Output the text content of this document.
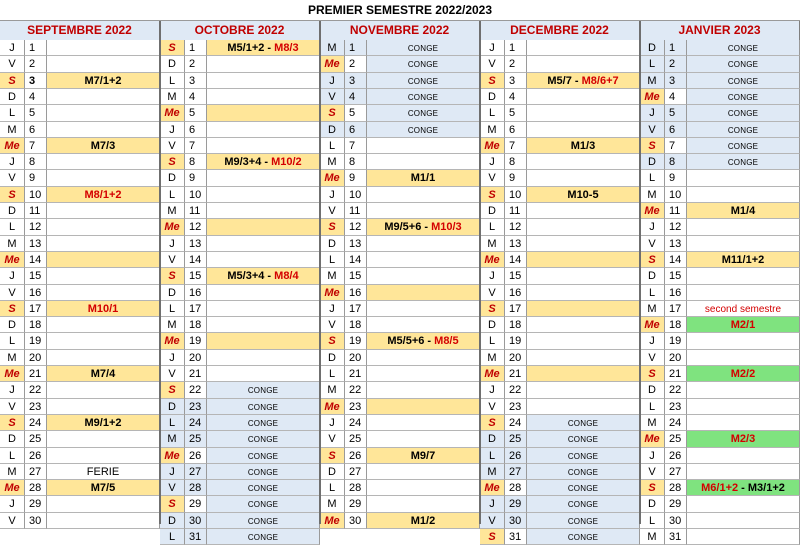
PREMIER SEMESTRE 2022/2023
SEPTEMBRE 2022
J	1
V	2
S	3	M7/1+2
D	4
L	5
M	6
Me 7	M7/3
J	8
V	9
S	10	M8/1+2
D	11
L	12
M	13
Me 14
J	15
V	16
S	17	M10/1
D	18
L	19
M	20
Me 21	M7/4
J	22
V	23
S	24	M9/1+2
D	25
L	26
M	27	FERIE
Me 28	M7/5
J	29
V	30
OCTOBRE 2022
S	1	M5/1+2 - M8/3
D	2
L	3
M	4
Me 5
J	6
V	7
S	8	M9/3+4 - M10/2
D	9
L	10
M	11
Me 12
J	13
V	14
S	15	M5/3+4 - M8/4
D	16
L	17
M	18
Me 19
J	20
V	21
S	22	CONGE
D	23	CONGE
L	24	CONGE
M	25	CONGE
Me 26	CONGE
J	27	CONGE
V	28	CONGE
S	29	CONGE
D	30	CONGE
L	31	CONGE
NOVEMBRE 2022
M	1	CONGE
Me 2	CONGE
J	3	CONGE
V	4	CONGE
S	5	CONGE
D	6	CONGE
L	7
M	8
Me 9	M1/1
J	10
V	11
S	12	M9/5+6 - M10/3
D	13
L	14
M	15
Me 16
J	17
V	18
S	19	M5/5+6 - M8/5
D	20
L	21
M	22
Me 23
J	24
V	25
S	26	M9/7
D	27
L	28
M	29
Me 30	M1/2
DECEMBRE 2022
J	1
V	2
S	3	M5/7 - M8/6+7
D	4
L	5
M	6
Me 7	M1/3
J	8
V	9
S	10	M10-5
D	11
L	12
M	13
Me 14
J	15
V	16
S	17
D	18
L	19
M	20
Me 21
J	22
V	23
S	24	CONGE
D	25	CONGE
L	26	CONGE
M	27	CONGE
Me 28	CONGE
J	29	CONGE
V	30	CONGE
S	31	CONGE
JANVIER 2023
D	1	CONGE
L	2	CONGE
M	3	CONGE
Me 4	CONGE
J	5	CONGE
V	6	CONGE
S	7	CONGE
D	8	CONGE
L	9
M	10
Me 11	M1/4
J	12
V	13
S	14	M11/1+2
D	15
L	16
M	17	second semestre
Me 18	M2/1
J	19
V	20
S	21	M2/2
D	22
L	23
M	24
Me 25	M2/3
J	26
V	27
S	28	M6/1+2 - M3/1+2
D	29
L	30
M	31
